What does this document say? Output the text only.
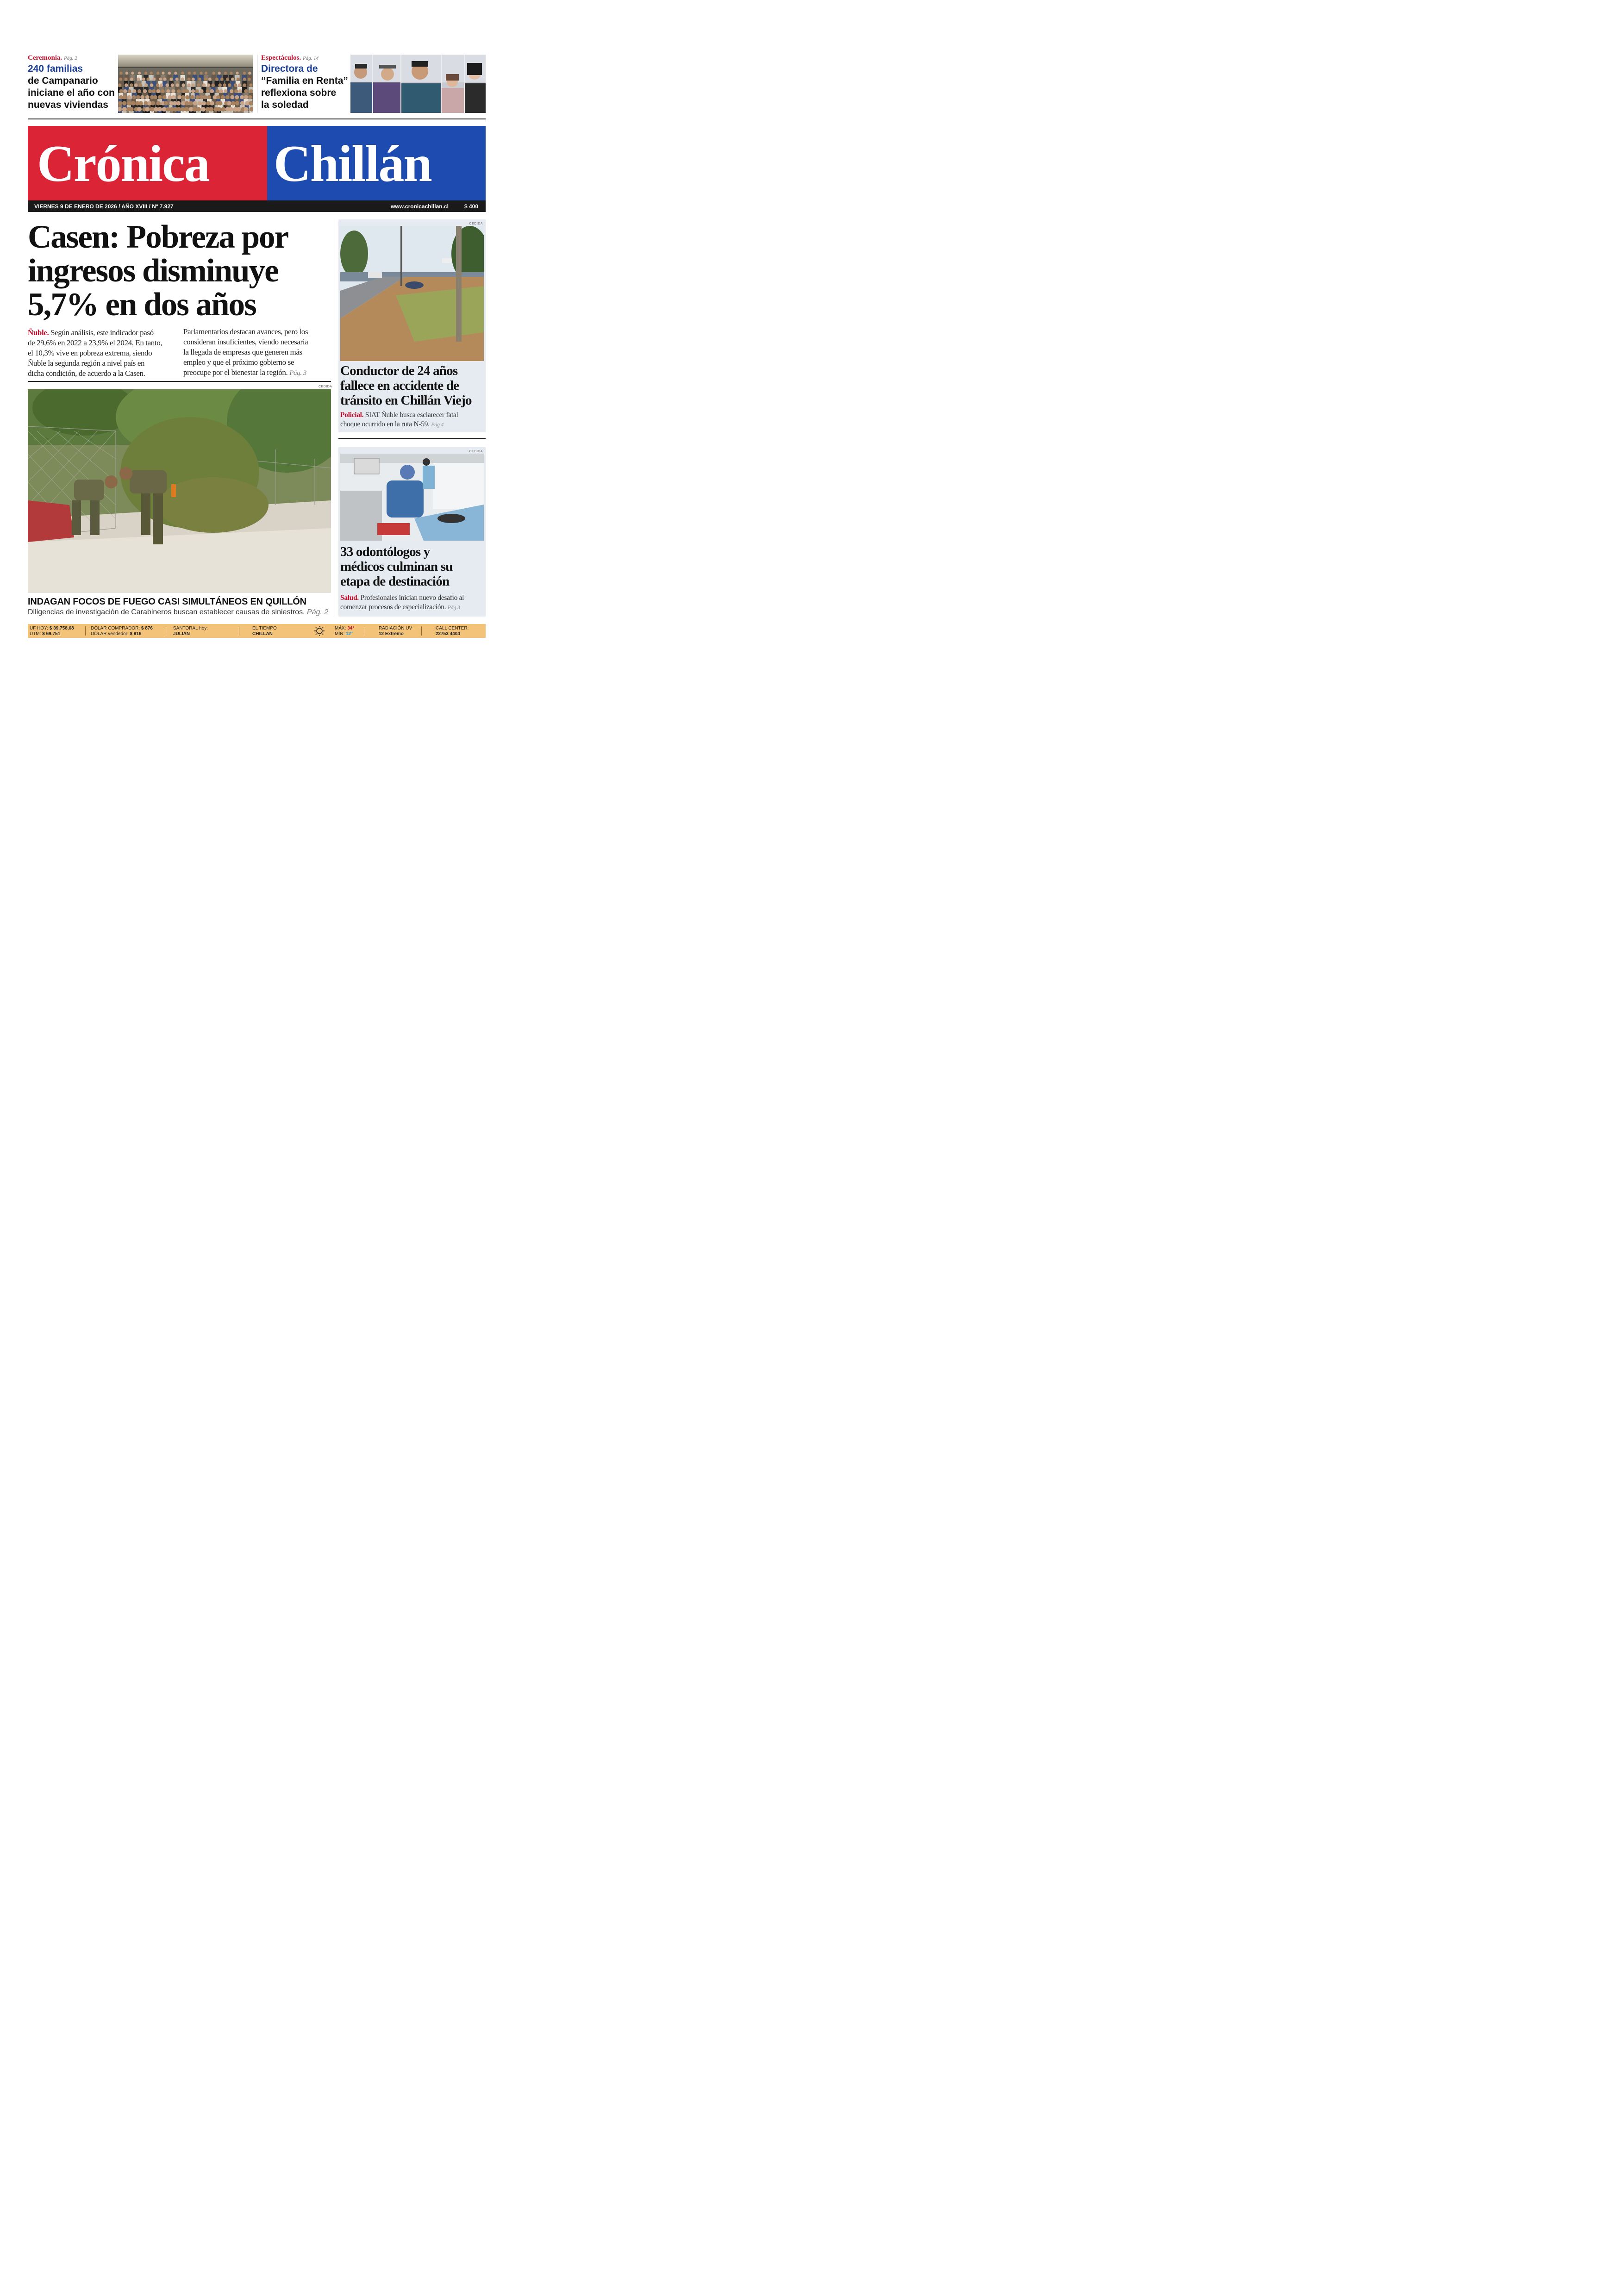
Ceremonia. Pág. 2
240 familias
de Campanario
iniciane el año con
nuevas viviendas
Espectáculos. Pág. 14
Directora de
“Familia en Renta”
reflexiona sobre
la soledad
Crónica Chillán
VIERNES 9 DE ENERO DE 2026 / AÑO XVIII / Nº 7.927	www.cronicachillan.cl	$ 400
Casen: Pobreza por
ingresos disminuye
5,7% en dos años
Ñuble. Según análisis, este indicador pasó
de 29,6% en 2022 a 23,9% el 2024. En tanto,
el 10,3% vive en pobreza extrema, siendo
Ñuble la segunda región a nivel país en
dicha condición, de acuerdo a la Casen.
Parlamentarios destacan avances, pero los
consideran insuficientes, viendo necesaria
la llegada de empresas que generen más
empleo y que el próximo gobierno se
preocupe por el bienestar la región. Pág. 3
CEDIDA
INDAGAN FOCOS DE FUEGO CASI SIMULTÁNEOS EN QUILLÓN
Diligencias de investigación de Carabineros buscan establecer causas de siniestros. Pág. 2
CEDIDA
Conductor de 24 años
fallece en accidente de
tránsito en Chillán Viejo
Policial. SIAT Ñuble busca esclarecer fatal
choque ocurrido en la ruta N-59. Pág 4
CEDIDA
33 odontólogos y
médicos culminan su
etapa de destinación
Salud. Profesionales inician nuevo desafío al
comenzar procesos de especialización. Pág 3
UF HOY: $ 39.758,68
UTM: $ 69.751
DÓLAR COMPRADOR: $ 876
DÓLAR vendedor: $ 916
SANTORAL hoy:
JULIÁN
EL TIEMPO
CHILLAN
MÁX: 34°
MÍN: 12°
RADIACIÓN UV
12 Extremo
CALL CENTER:
22753 4404
